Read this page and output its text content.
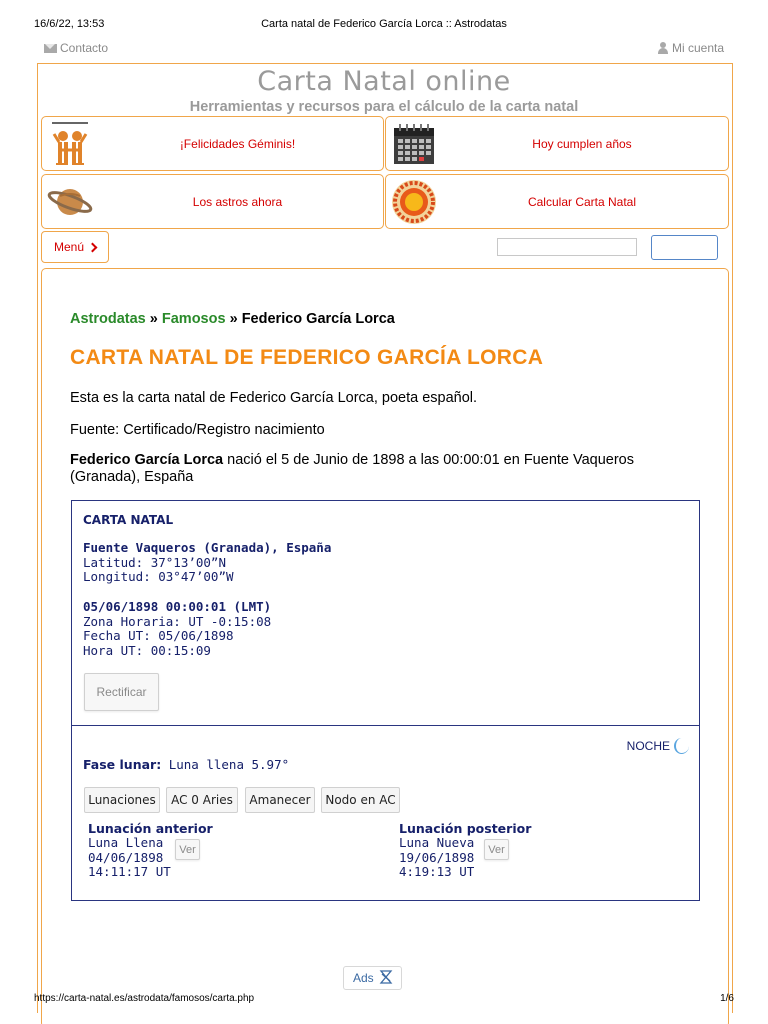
16/6/22, 13:53	Carta natal de Federico García Lorca :: Astrodatas
Contacto	Mi cuenta
Carta Natal online
Herramientas y recursos para el cálculo de la carta natal
¡Felicidades Géminis!	Hoy cumplen años
Los astros ahora	Calcular Carta Natal
Menú
Astrodatas » Famosos » Federico García Lorca
CARTA NATAL DE FEDERICO GARCÍA LORCA

Esta es la carta natal de Federico García Lorca, poeta español.

Fuente: Certificado/Registro nacimiento

Federico García Lorca nació el 5 de Junio de 1898 a las 00:00:01 en Fuente Vaqueros
(Granada), España

CARTA NATAL
Fuente Vaqueros (Granada), España
Latitud: 37°13’00”N
Longitud: 03°47’00”W
05/06/1898 00:00:01 (LMT)
Zona Horaria: UT -0:15:08
Fecha UT: 05/06/1898
Hora UT: 00:15:09
Rectificar
NOCHE
Fase lunar: Luna llena 5.97°
Lunaciones	AC 0 Aries	Amanecer	Nodo en AC
Lunación anterior
Luna Llena
04/06/1898
14:11:17 UT
Ver
Lunación posterior
Luna Nueva
19/06/1898
4:19:13 UT
Ver
Ads
https://carta-natal.es/astrodata/famosos/carta.php	1/6
